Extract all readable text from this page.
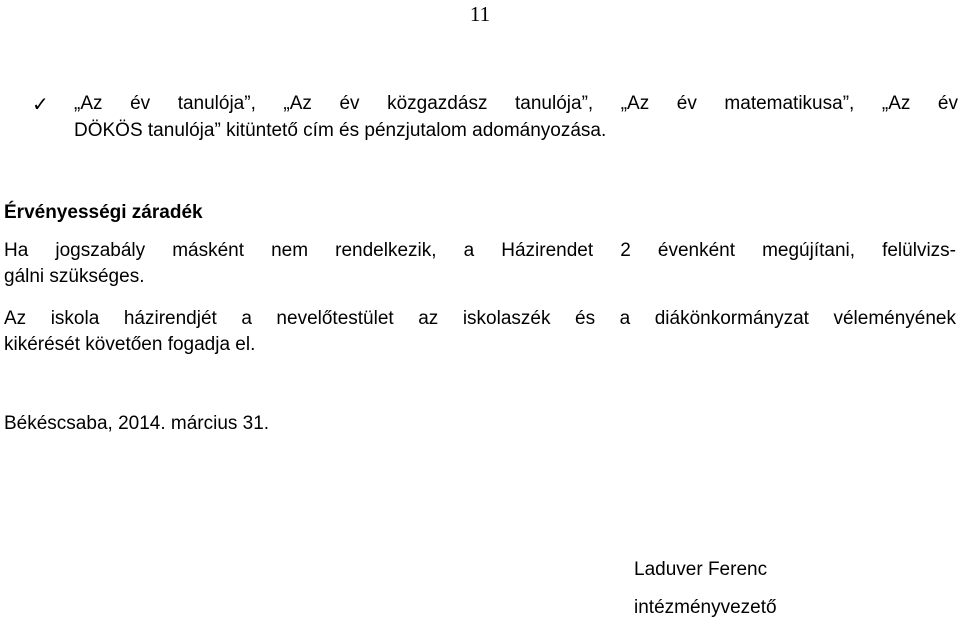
11
✓ „Az év tanulója”, „Az év közgazdász tanulója”, „Az év matematikusa”, „Az év
DÖKÖS tanulója” kitüntető cím és pénzjutalom adományozása.
Érvényességi záradék
Ha jogszabály másként nem rendelkezik, a Házirendet 2 évenként megújítani, felülvizs-
gálni szükséges.
Az iskola házirendjét a nevelőtestület az iskolaszék és a diákönkormányzat véleményének
kikérését követően fogadja el.
Békéscsaba, 2014. március 31.
Laduver Ferenc
intézményvezető
